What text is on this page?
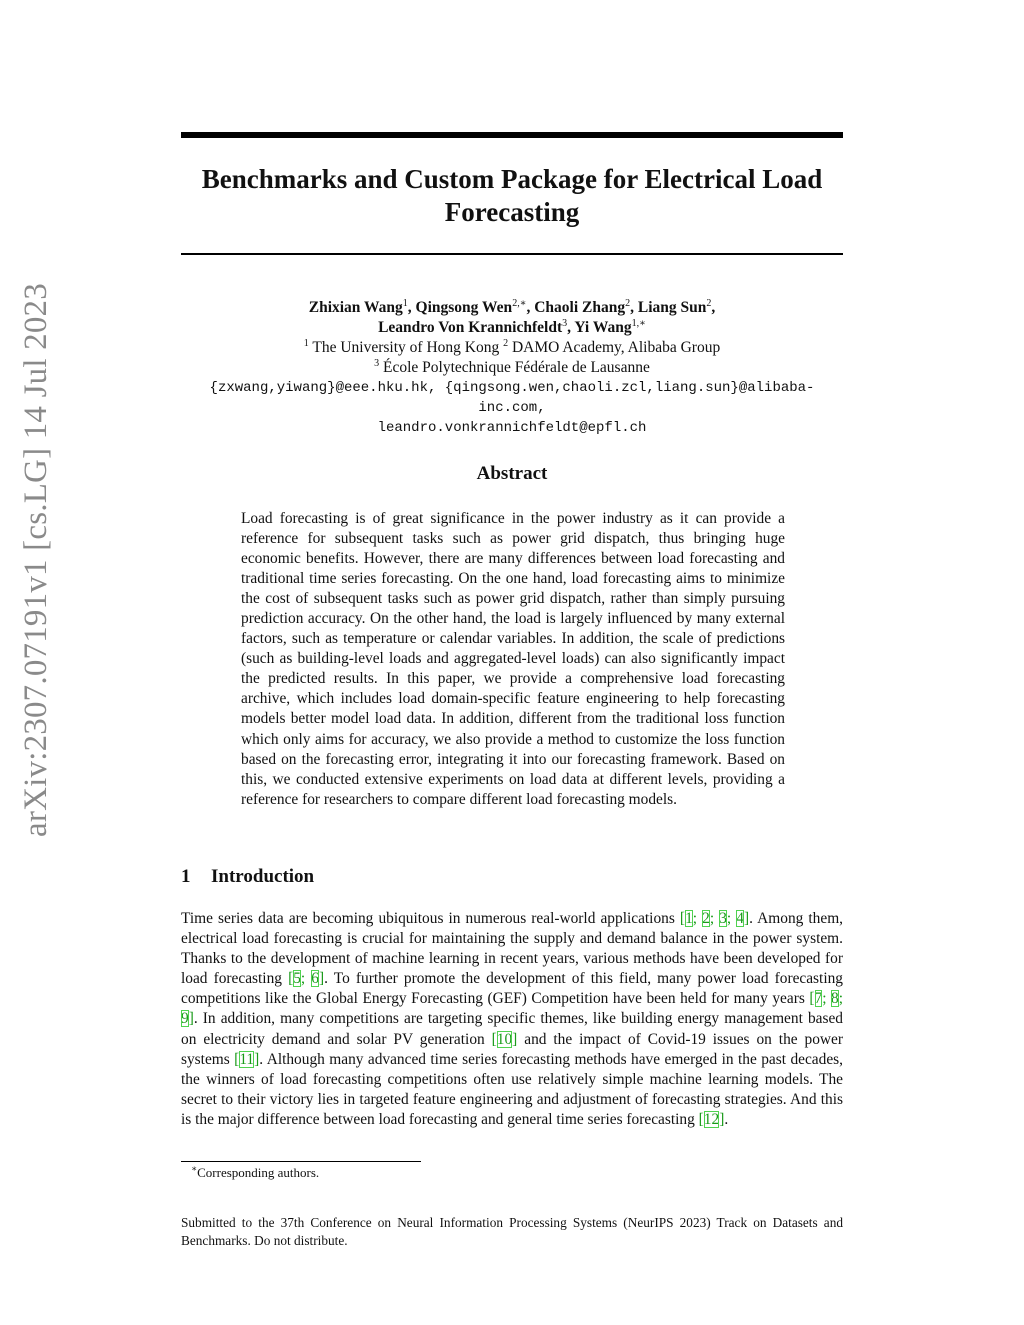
arXiv:2307.07191v1 [cs.LG] 14 Jul 2023
Benchmarks and Custom Package for Electrical Load Forecasting
Zhixian Wang$^1$, Qingsong Wen$^{2,∗}$, Chaoli Zhang$^2$, Liang Sun$^2$,
Leandro Von Krannichfeldt$^3$, Yi Wang$^{1,∗}$
$^1$ The University of Hong Kong $^2$ DAMO Academy, Alibaba Group
$^3$ École Polytechnique Fédérale de Lausanne
{zxwang,yiwang}@eee.hku.hk, {qingsong.wen,chaoli.zcl,liang.sun}@alibaba-inc.com,
leandro.vonkrannichfeldt@epfl.ch
Abstract
Load forecasting is of great significance in the power industry as it can provide a reference for subsequent tasks such as power grid dispatch, thus bringing huge economic benefits. However, there are many differences between load forecasting and traditional time series forecasting. On the one hand, load forecasting aims to minimize the cost of subsequent tasks such as power grid dispatch, rather than simply pursuing prediction accuracy. On the other hand, the load is largely influenced by many external factors, such as temperature or calendar variables. In addition, the scale of predictions (such as building-level loads and aggregated-level loads) can also significantly impact the predicted results. In this paper, we provide a comprehensive load forecasting archive, which includes load domain-specific feature engineering to help forecasting models better model load data. In addition, different from the traditional loss function which only aims for accuracy, we also provide a method to customize the loss function based on the forecasting error, integrating it into our forecasting framework. Based on this, we conducted extensive experiments on load data at different levels, providing a reference for researchers to compare different load forecasting models.
1 Introduction
Time series data are becoming ubiquitous in numerous real-world applications [1; 2; 3; 4]. Among them, electrical load forecasting is crucial for maintaining the supply and demand balance in the power system. Thanks to the development of machine learning in recent years, various methods have been developed for load forecasting [5; 6]. To further promote the development of this field, many power load forecasting competitions like the Global Energy Forecasting (GEF) Competition have been held for many years [7; 8; 9]. In addition, many competitions are targeting specific themes, like building energy management based on electricity demand and solar PV generation [10] and the impact of Covid-19 issues on the power systems [11]. Although many advanced time series forecasting methods have emerged in the past decades, the winners of load forecasting competitions often use relatively simple machine learning models. The secret to their victory lies in targeted feature engineering and adjustment of forecasting strategies. And this is the major difference between load forecasting and general time series forecasting [12].
∗Corresponding authors.
Submitted to the 37th Conference on Neural Information Processing Systems (NeurIPS 2023) Track on Datasets and Benchmarks. Do not distribute.
